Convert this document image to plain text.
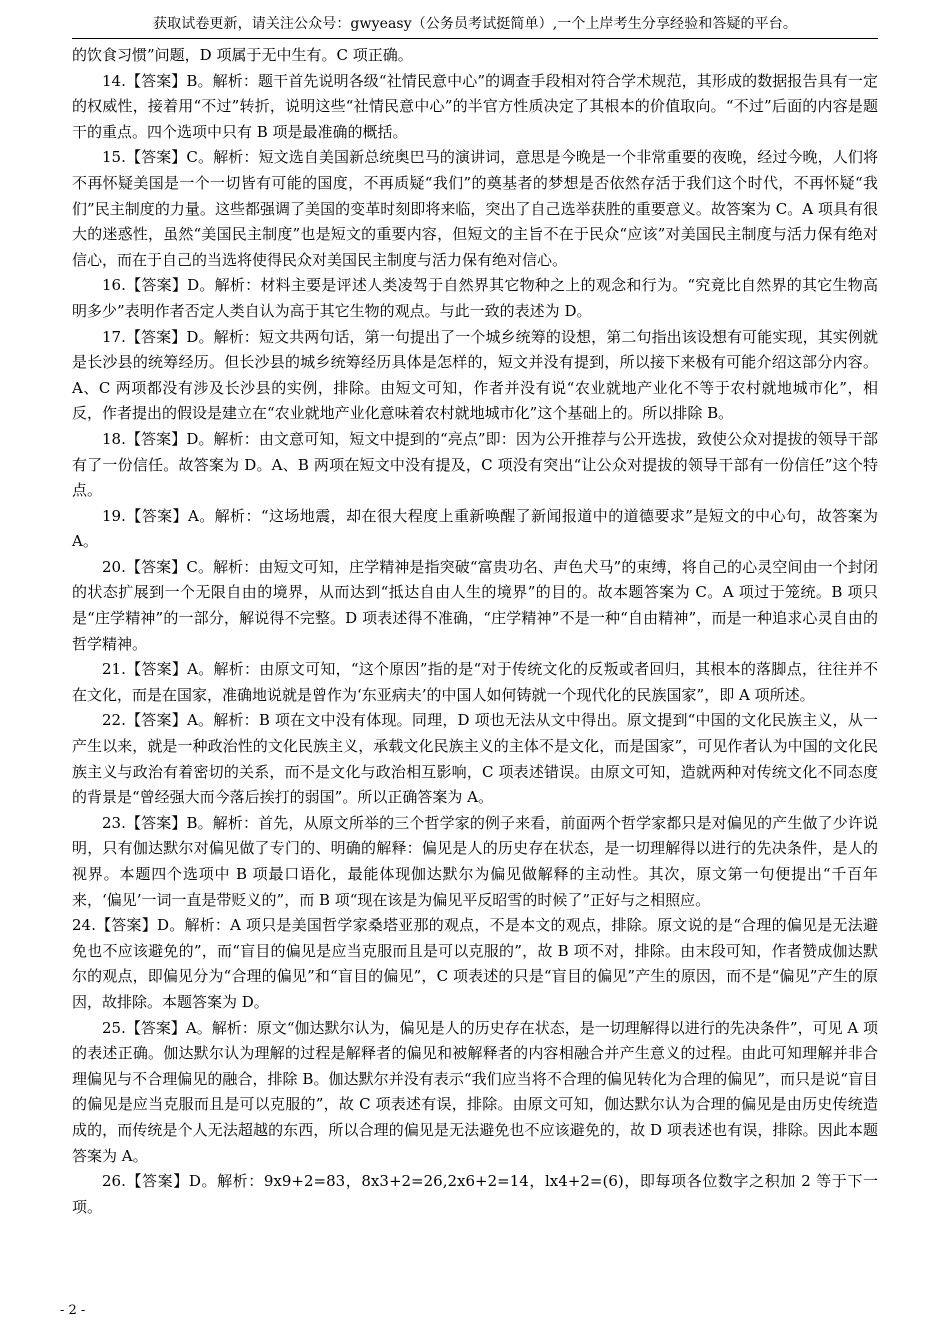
获取试卷更新，请关注公众号：gwyeasy（公务员考试挺简单）,一个上岸考生分享经验和答疑的平台。

的饮食习惯”问题，D 项属于无中生有。C 项正确。

14.【答案】B。解析：题干首先说明各级“社情民意中心”的调查手段相对符合学术规范，其形成的数据报告具有一定的权威性，接着用“不过”转折，说明这些“社情民意中心”的半官方性质决定了其根本的价值取向。“不过”后面的内容是题干的重点。四个选项中只有 B 项是最准确的概括。

15.【答案】C。解析：短文选自美国新总统奥巴马的演讲词，意思是今晚是一个非常重要的夜晚，经过今晚，人们将不再怀疑美国是一个一切皆有可能的国度，不再质疑“我们”的奠基者的梦想是否依然存活于我们这个时代，不再怀疑“我们”民主制度的力量。这些都强调了美国的变革时刻即将来临，突出了自己选举获胜的重要意义。故答案为 C。A 项具有很大的迷惑性，虽然“美国民主制度”也是短文的重要内容，但短文的主旨不在于民众“应该”对美国民主制度与活力保有绝对信心，而在于自己的当选将使得民众对美国民主制度与活力保有绝对信心。

16.【答案】D。解析：材料主要是评述人类凌驾于自然界其它物种之上的观念和行为。“究竟比自然界的其它生物高明多少”表明作者否定人类自认为高于其它生物的观点。与此一致的表述为 D。

17.【答案】D。解析：短文共两句话，第一句提出了一个城乡统筹的设想，第二句指出该设想有可能实现，其实例就是长沙县的统筹经历。但长沙县的城乡统筹经历具体是怎样的，短文并没有提到，所以接下来极有可能介绍这部分内容。A、C 两项都没有涉及长沙县的实例，排除。由短文可知，作者并没有说“农业就地产业化不等于农村就地城市化”，相反，作者提出的假设是建立在“农业就地产业化意味着农村就地城市化”这个基础上的。所以排除 B。

18.【答案】D。解析：由文意可知，短文中提到的“亮点”即：因为公开推荐与公开选拔，致使公众对提拔的领导干部有了一份信任。故答案为 D。A、B 两项在短文中没有提及，C 项没有突出“让公众对提拔的领导干部有一份信任”这个特点。

19.【答案】A。解析：“这场地震，却在很大程度上重新唤醒了新闻报道中的道德要求”是短文的中心句，故答案为 A。

20.【答案】C。解析：由短文可知，庄学精神是指突破“富贵功名、声色犬马”的束缚，将自己的心灵空间由一个封闭的状态扩展到一个无限自由的境界，从而达到“抵达自由人生的境界”的目的。故本题答案为 C。A 项过于笼统。B 项只是“庄学精神”的一部分，解说得不完整。D 项表述得不准确，“庄学精神”不是一种“自由精神”，而是一种追求心灵自由的哲学精神。

21.【答案】A。解析：由原文可知，“这个原因”指的是“对于传统文化的反叛或者回归，其根本的落脚点，往往并不在文化，而是在国家，准确地说就是曾作为‘东亚病夫’的中国人如何铸就一个现代化的民族国家”，即 A 项所述。

22.【答案】A。解析：B 项在文中没有体现。同理，D 项也无法从文中得出。原文提到“中国的文化民族主义，从一产生以来，就是一种政治性的文化民族主义，承载文化民族主义的主体不是文化，而是国家”，可见作者认为中国的文化民族主义与政治有着密切的关系，而不是文化与政治相互影响，C 项表述错误。由原文可知，造就两种对传统文化不同态度的背景是“曾经强大而今落后挨打的弱国”。所以正确答案为 A。

23.【答案】B。解析：首先，从原文所举的三个哲学家的例子来看，前面两个哲学家都只是对偏见的产生做了少许说明，只有伽达默尔对偏见做了专门的、明确的解释：偏见是人的历史存在状态，是一切理解得以进行的先决条件，是人的视界。本题四个选项中 B 项最口语化，最能体现伽达默尔为偏见做解释的主动性。其次，原文第一句便提出“千百年来，‘偏见’一词一直是带贬义的”，而 B 项“现在该是为偏见平反昭雪的时候了”正好与之相照应。

24.【答案】D。解析：A 项只是美国哲学家桑塔亚那的观点，不是本文的观点，排除。原文说的是“合理的偏见是无法避免也不应该避免的”，而“盲目的偏见是应当克服而且是可以克服的”，故 B 项不对，排除。由末段可知，作者赞成伽达默尔的观点，即偏见分为“合理的偏见”和“盲目的偏见”，C 项表述的只是“盲目的偏见”产生的原因，而不是“偏见”产生的原因，故排除。本题答案为 D。

25.【答案】A。解析：原文“伽达默尔认为，偏见是人的历史存在状态，是一切理解得以进行的先决条件”，可见 A 项的表述正确。伽达默尔认为理解的过程是解释者的偏见和被解释者的内容相融合并产生意义的过程。由此可知理解并非合理偏见与不合理偏见的融合，排除 B。伽达默尔并没有表示“我们应当将不合理的偏见转化为合理的偏见”，而只是说“盲目的偏见是应当克服而且是可以克服的”，故 C 项表述有误，排除。由原文可知，伽达默尔认为合理的偏见是由历史传统造成的，而传统是个人无法超越的东西，所以合理的偏见是无法避免也不应该避免的，故 D 项表述也有误，排除。因此本题答案为 A。

26.【答案】D。解析：9x9+2=83，8x3+2=26,2x6+2=14，lx4+2=(6)，即每项各位数字之积加 2 等于下一项。

- 2 -
